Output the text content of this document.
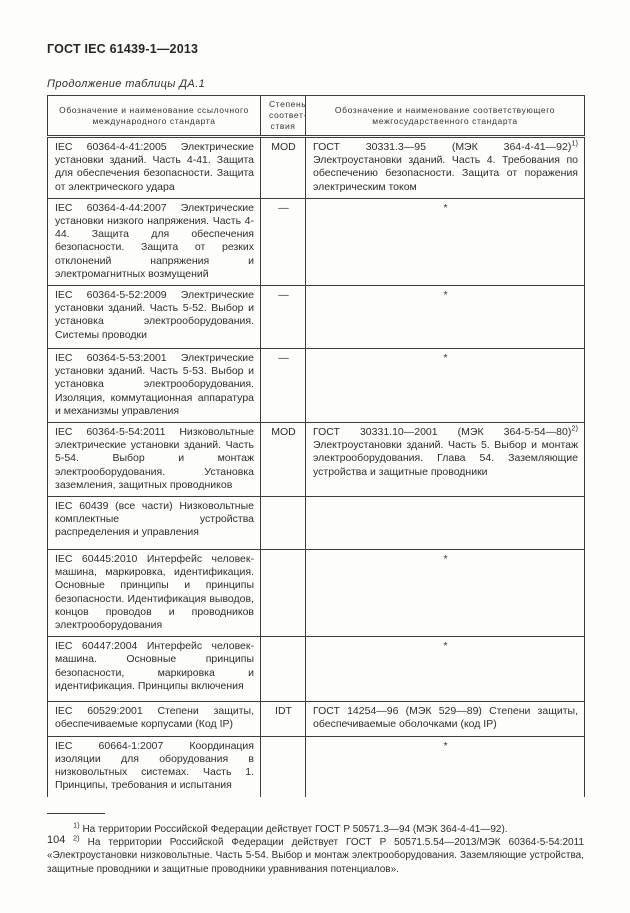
ГОСТ IEC 61439-1—2013
Продолжение таблицы ДА.1
Обозначение и наименование ссылочного международного стандарта	Степень соответствия	Обозначение и наименование соответствующего межгосударственного стандарта
IEC 60364-4-41:2005 Электрические установки зданий. Часть 4-41. Защита для обеспечения безопасности. Защита от электрического удара	MOD	ГОСТ 30331.3—95 (МЭК 364-4-41—92)$^{1)}$ Электроустановки зданий. Часть 4. Требования по обеспечению безопасности. Защита от поражения электрическим током
IEC 60364-4-44:2007 Электрические установки низкого напряжения. Часть 4-44. Защита для обеспечения безопасности. Защита от резких отклонений напряжения и электромагнитных возмущений	—	*
IEC 60364-5-52:2009 Электрические установки зданий. Часть 5-52. Выбор и установка электрооборудования. Системы проводки	—	*
IEC 60364-5-53:2001 Электрические установки зданий. Часть 5-53. Выбор и установка электрооборудования. Изоляция, коммутационная аппаратура и механизмы управления	—	*
IEC 60364-5-54:2011 Низковольтные электрические установки зданий. Часть 5-54. Выбор и монтаж электрооборудования. Установка заземления, защитных проводников	MOD	ГОСТ 30331.10—2001 (МЭК 364-5-54—80)$^{2)}$ Электроустановки зданий. Часть 5. Выбор и монтаж электрооборудования. Глава 54. Заземляющие устройства и защитные проводники
IEC 60439 (все части) Низковольтные комплектные устройства распределения и управления		
IEC 60445:2010 Интерфейс человек-машина, маркировка, идентификация. Основные принципы и принципы безопасности. Идентификация выводов, концов проводов и проводников электрооборудования		*
IEC 60447:2004 Интерфейс человек-машина. Основные принципы безопасности, маркировка и идентификация. Принципы включения		*
IEC 60529:2001 Степени защиты, обеспечиваемые корпусами (Код IP)	IDT	ГОСТ 14254—96 (МЭК 529—89) Степени защиты, обеспечиваемые оболочками (код IP)
IEC 60664-1:2007 Координация изоляции для оборудования в низковольтных системах. Часть 1. Принципы, требования и испытания		*
$^{1)}$ На территории Российской Федерации действует ГОСТ Р 50571.3—94 (МЭК 364-4-41—92).
$^{2)}$ На территории Российской Федерации действует ГОСТ Р 50571.5.54—2013/МЭК 60364-5-54:2011 «Электроустановки низковольтные. Часть 5-54. Выбор и монтаж электрооборудования. Заземляющие устройства, защитные проводники и защитные проводники уравнивания потенциалов».
104
